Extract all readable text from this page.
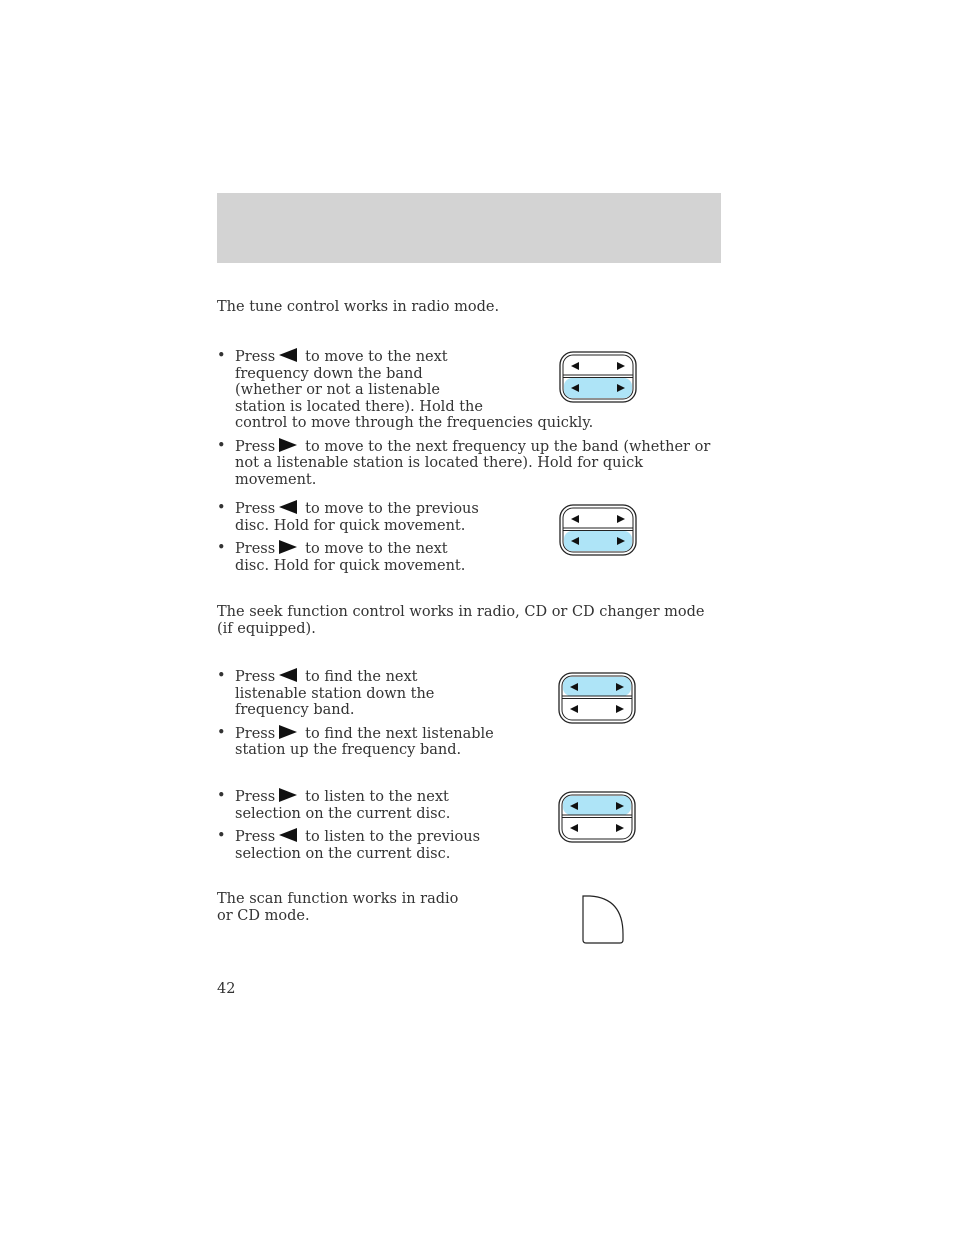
The tune control works in radio mode.

• Press to move to the next
frequency down the band
(whether or not a listenable
station is located there). Hold the
control to move through the frequencies quickly.
• Press to move to the next frequency up the band (whether or not a listenable station is located there). Hold for quick movement.
• Press to move to the previous disc. Hold for quick movement.
• Press to move to the next disc. Hold for quick movement.

The seek function control works in radio, CD or CD changer mode (if equipped).

• Press to find the next listenable station down the frequency band.
• Press to find the next listenable station up the frequency band.
• Press to listen to the next selection on the current disc.
• Press to listen to the previous selection on the current disc.

The scan function works in radio or CD mode.

42
